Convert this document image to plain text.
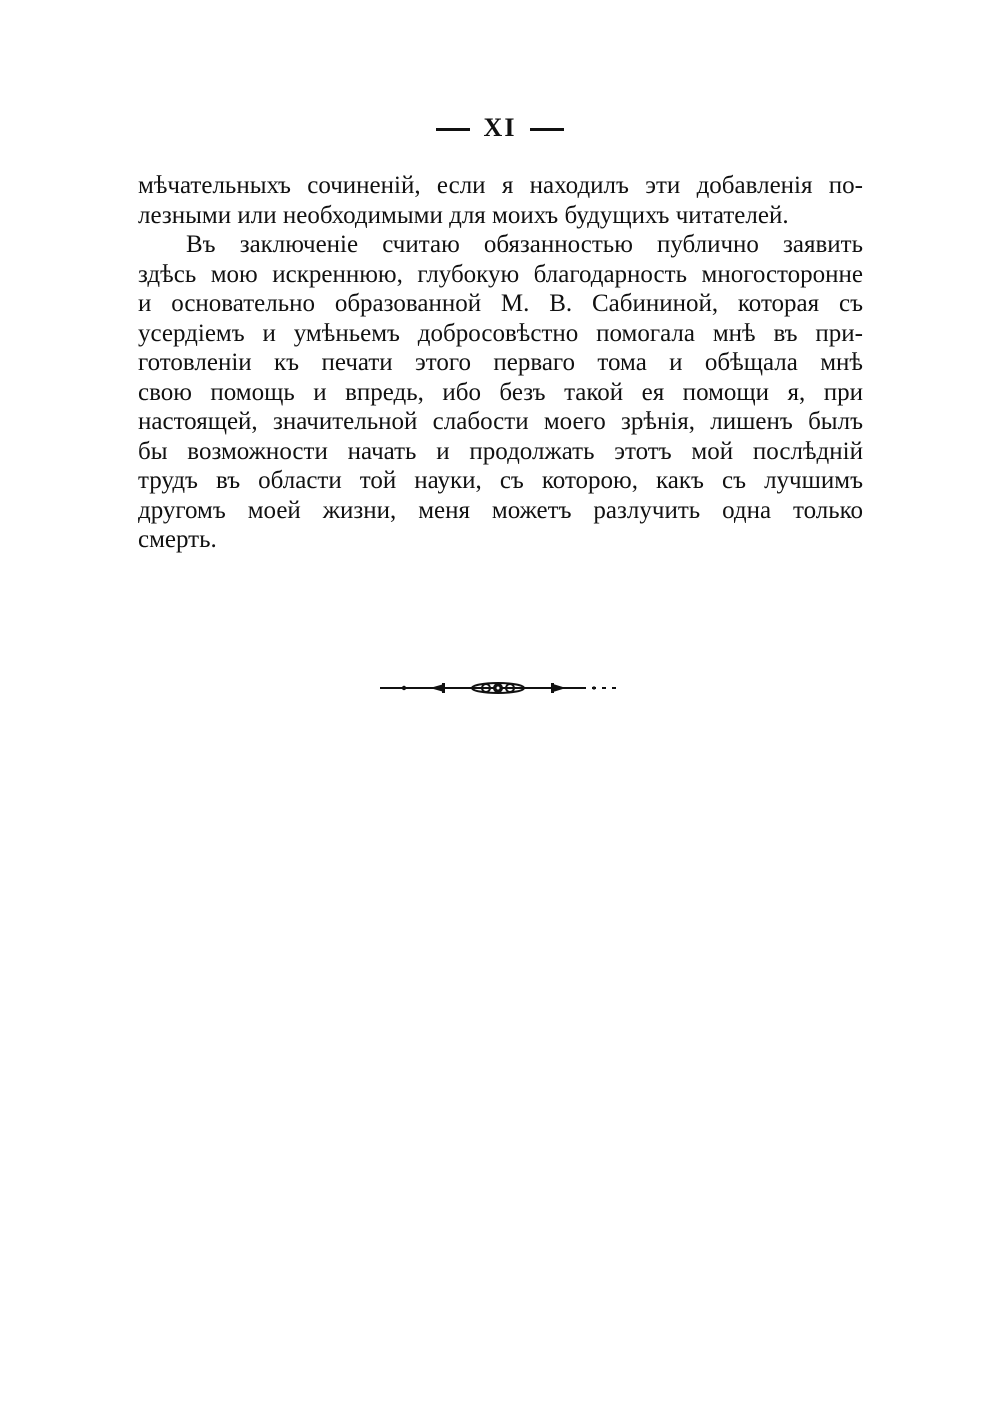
XI
мѣчательныхъ сочиненій, если я находилъ эти добавленія по-
лезными или необходимыми для моихъ будущихъ читателей.
Въ заключеніе считаю обязанностью публично заявить
здѣсь мою искреннюю, глубокую благодарность многосторонне
и основательно образованной М. В. Сабининой, которая съ
усердіемъ и умѣньемъ добросовѣстно помогала мнѣ въ при-
готовленіи къ печати этого перваго тома и обѣщала мнѣ
свою помощь и впредь, ибо безъ такой ея помощи я, при
настоящей, значительной слабости моего зрѣнія, лишенъ былъ
бы возможности начать и продолжать этотъ мой послѣдній
трудъ въ области той науки, съ которою, какъ съ лучшимъ
другомъ моей жизни, меня можетъ разлучить одна только
смерть.
